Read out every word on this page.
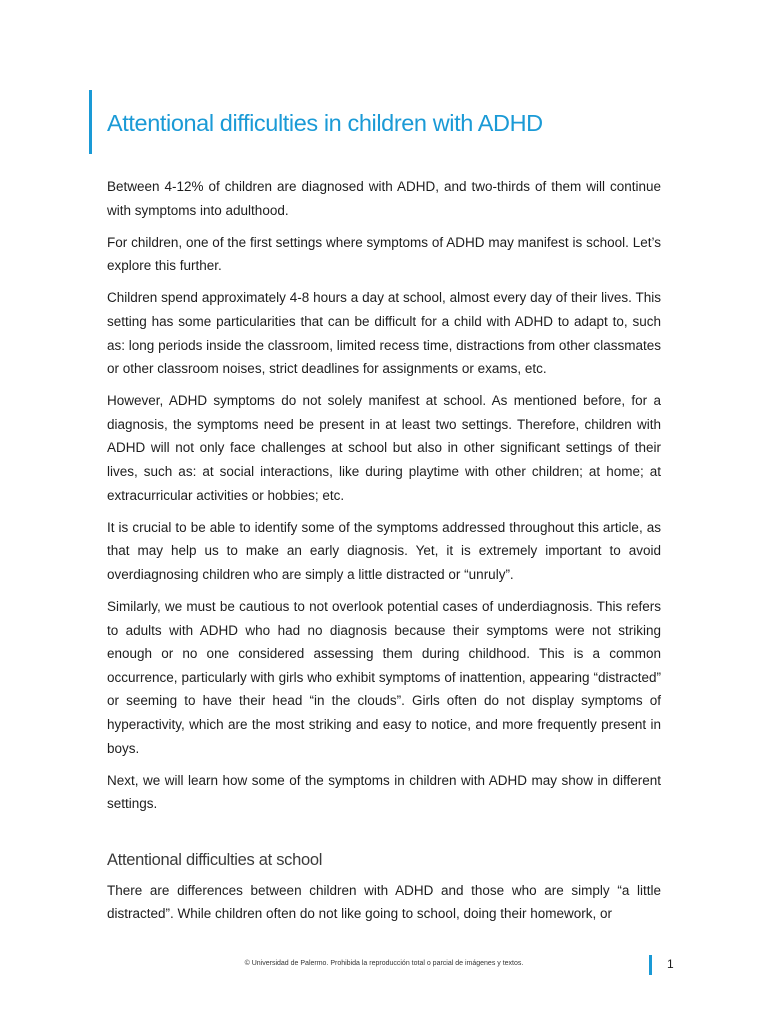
Attentional difficulties in children with ADHD

Between 4-12% of children are diagnosed with ADHD, and two-thirds of them will continue with symptoms into adulthood.

For children, one of the first settings where symptoms of ADHD may manifest is school. Let’s explore this further.

Children spend approximately 4-8 hours a day at school, almost every day of their lives. This setting has some particularities that can be difficult for a child with ADHD to adapt to, such as: long periods inside the classroom, limited recess time, distractions from other classmates or other classroom noises, strict deadlines for assignments or exams, etc.

However, ADHD symptoms do not solely manifest at school. As mentioned before, for a diagnosis, the symptoms need be present in at least two settings. Therefore, children with ADHD will not only face challenges at school but also in other significant settings of their lives, such as: at social interactions, like during playtime with other children; at home; at extracurricular activities or hobbies; etc.

It is crucial to be able to identify some of the symptoms addressed throughout this article, as that may help us to make an early diagnosis. Yet, it is extremely important to avoid overdiagnosing children who are simply a little distracted or “unruly”.

Similarly, we must be cautious to not overlook potential cases of underdiagnosis. This refers to adults with ADHD who had no diagnosis because their symptoms were not striking enough or no one considered assessing them during childhood. This is a common occurrence, particularly with girls who exhibit symptoms of inattention, appearing “distracted” or seeming to have their head “in the clouds”. Girls often do not display symptoms of hyperactivity, which are the most striking and easy to notice, and more frequently present in boys.

Next, we will learn how some of the symptoms in children with ADHD may show in different settings.

Attentional difficulties at school

There are differences between children with ADHD and those who are simply “a little distracted”. While children often do not like going to school, doing their homework, or

© Universidad de Palermo. Prohibida la reproducción total o parcial de imágenes y textos.	1
